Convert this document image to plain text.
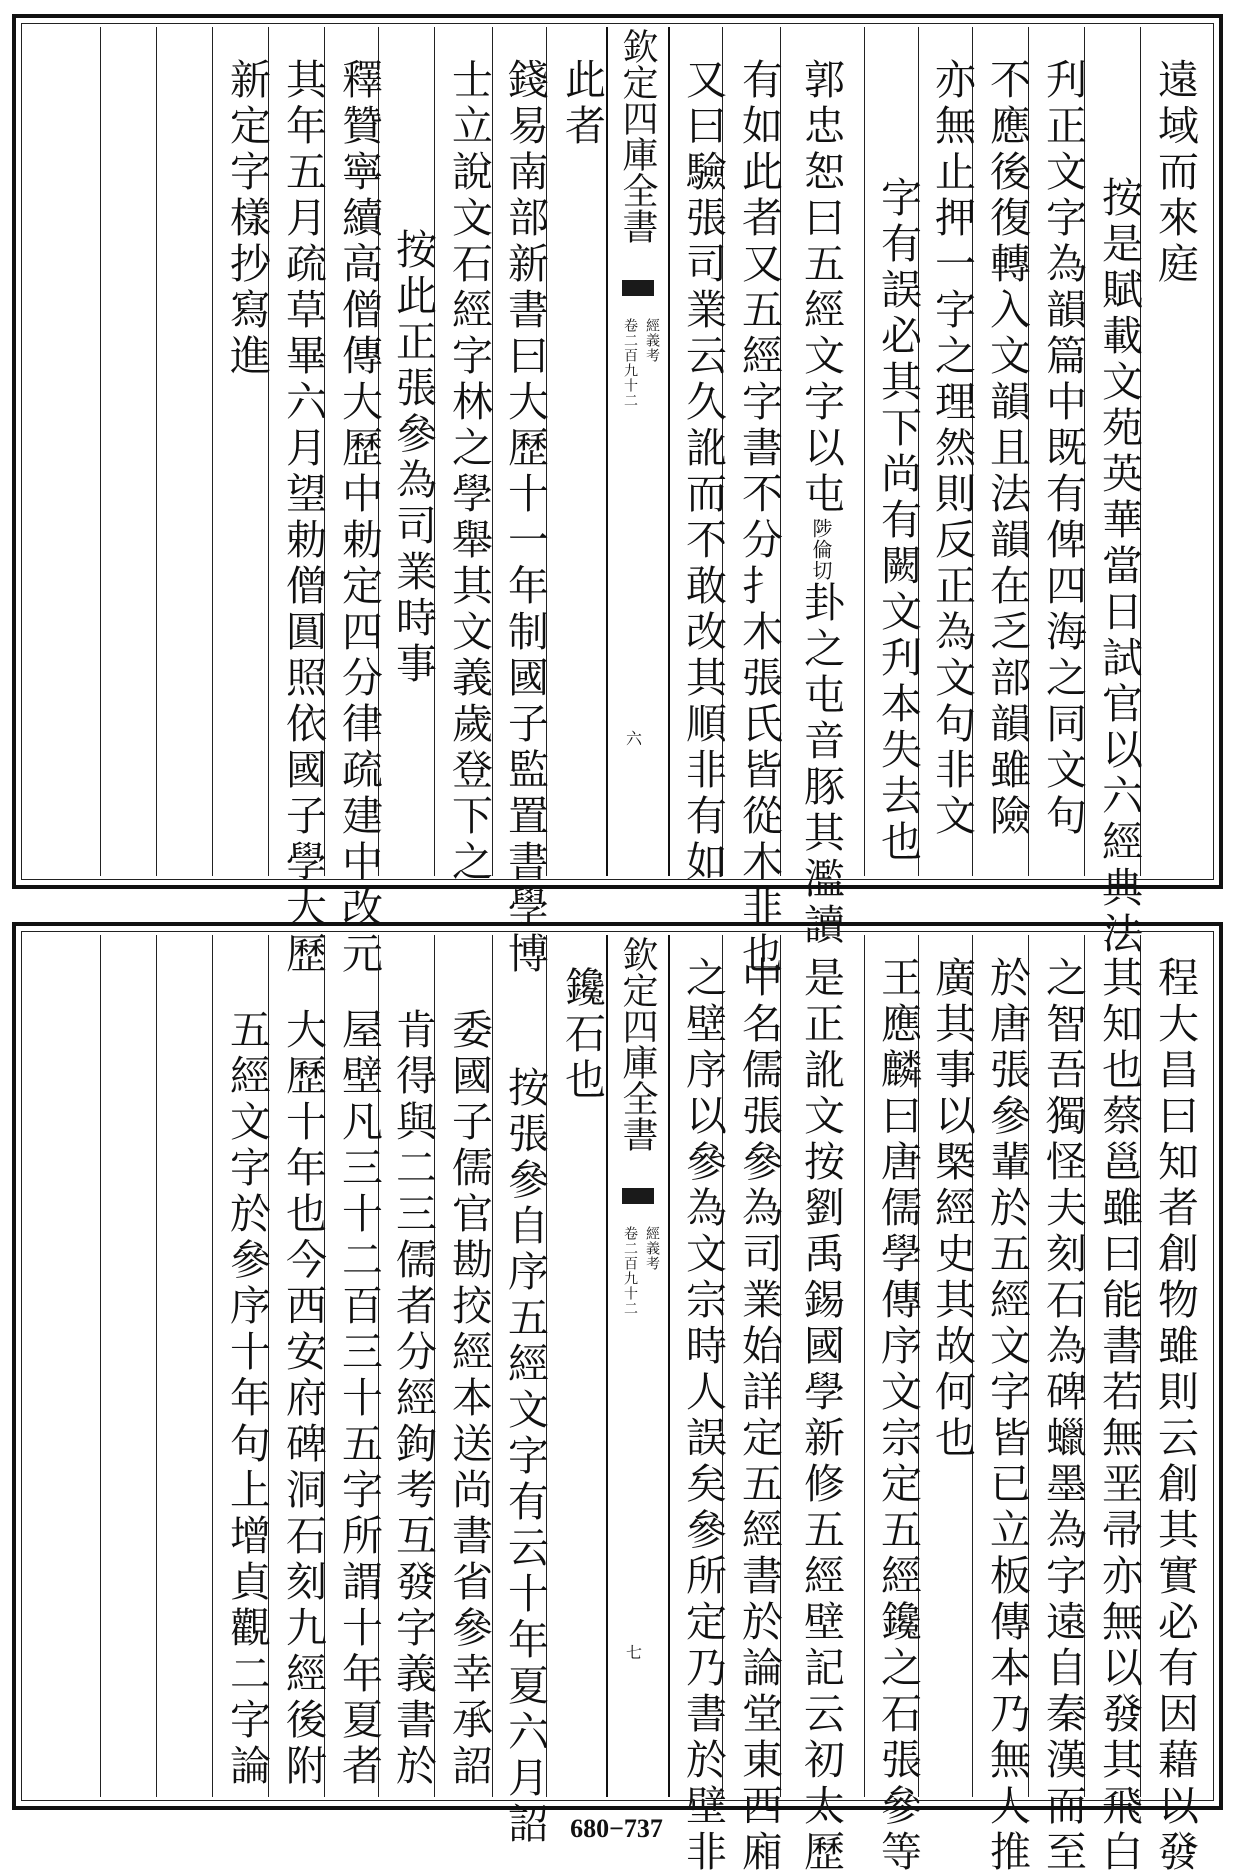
遠域而來庭
按是賦載文苑英華當日試官以六經典法
刋正文字為韻篇中既有俾四海之同文句
不應後復轉入文韻且法韻在乏部韻雖險
亦無止押一字之理然則反正為文句非文
字有誤必其下尚有闕文刋本失去也
郭忠恕曰五經文字以屯陟倫切卦之屯音豚其濫讀
有如此者又五經字書不分扌木張氏皆從木非也
又曰驗張司業云久訛而不敢改其順非有如
欽定四庫全書
經義考
卷二百九十二
六
此者
錢易南部新書曰大歷十一年制國子監置書學博
士立說文石經字林之學舉其文義歲登下之
按此正張參為司業時事
釋贊寧續高僧傳大歷中勅定四分律疏建中改元
其年五月疏草畢六月望勅僧圓照依國子學大歷
新定字樣抄寫進
程大昌曰知者創物雖則云創其實必有因藉以發
其知也蔡邕雖曰能書若無垩帚亦無以發其飛白
之智吾獨怪夫刻石為碑蠟墨為字遠自秦漢而至
於唐張參輩於五經文字皆已立板傳本乃無人推
廣其事以槩經史其故何也
王應麟曰唐儒學傳序文宗定五經鑱之石張參等
是正訛文按劉禹錫國學新修五經壁記云初太歷
中名儒張參為司業始詳定五經書於論堂東西廂
之壁序以參為文宗時人誤矣參所定乃書於壁非
欽定四庫全書
經義考
卷二百九十二
七
鑱石也
按張參自序五經文字有云十年夏六月詔
委國子儒官勘挍經本送尚書省參幸承詔
肯得與二三儒者分經鉤考互發字義書於
屋壁凡三十二百三十五字所謂十年夏者
大歷十年也今西安府碑洞石刻九經後附
五經文字於參序十年句上增貞觀二字論
680−737
